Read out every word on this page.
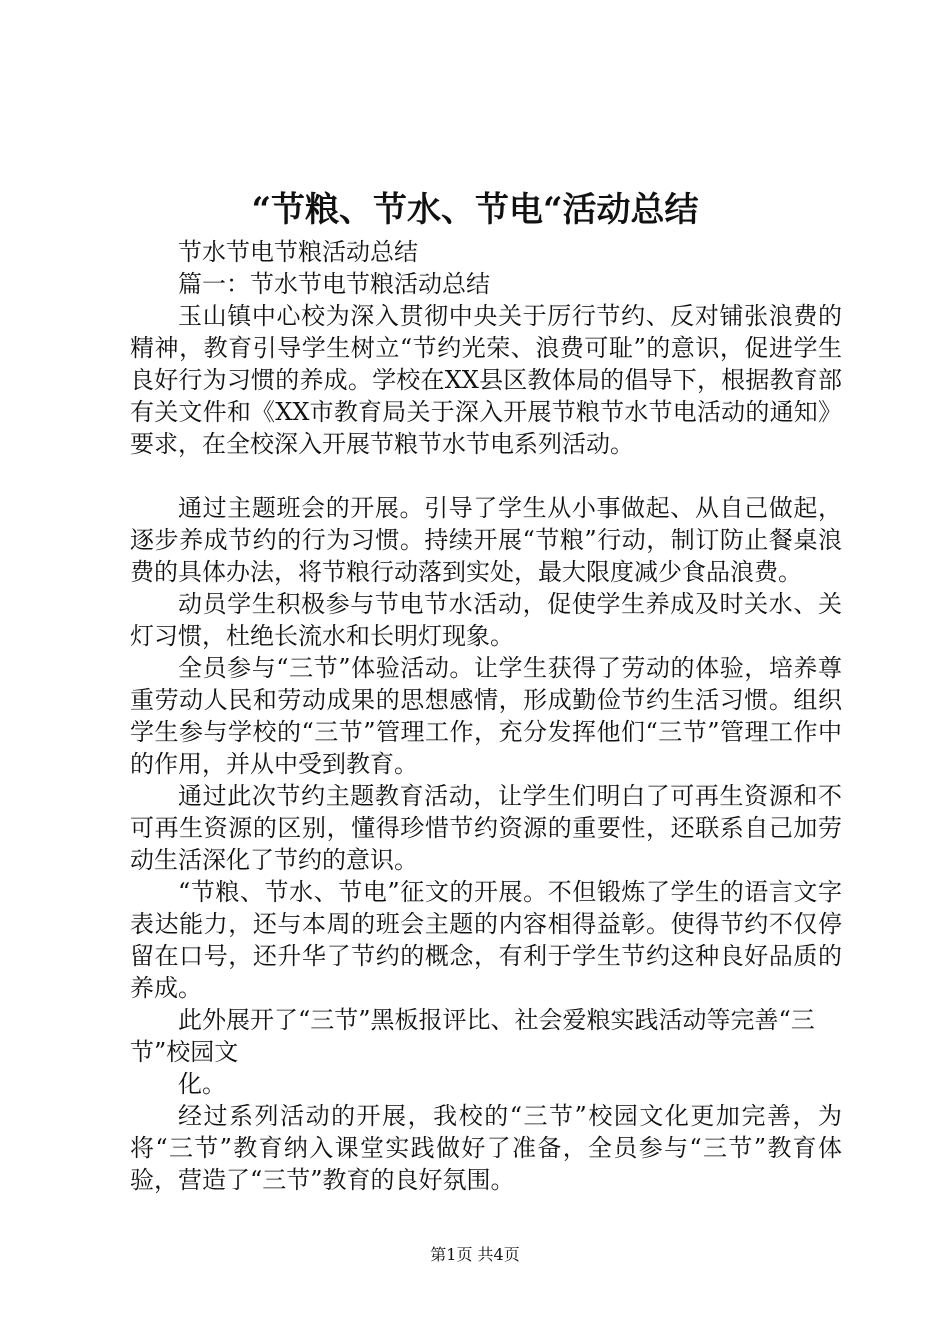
“节粮、节水、节电“活动总结

节水节电节粮活动总结

篇一：节水节电节粮活动总结

玉山镇中心校为深入贯彻中央关于厉行节约、反对铺张浪费的精神，教育引导学生树立“节约光荣、浪费可耻”的意识，促进学生良好行为习惯的养成。学校在XX县区教体局的倡导下，根据教育部有关文件和《XX市教育局关于深入开展节粮节水节电活动的通知》要求，在全校深入开展节粮节水节电系列活动。

通过主题班会的开展。引导了学生从小事做起、从自己做起，逐步养成节约的行为习惯。持续开展“节粮”行动，制订防止餐桌浪费的具体办法，将节粮行动落到实处，最大限度减少食品浪费。

动员学生积极参与节电节水活动，促使学生养成及时关水、关灯习惯，杜绝长流水和长明灯现象。

全员参与“三节”体验活动。让学生获得了劳动的体验，培养尊重劳动人民和劳动成果的思想感情，形成勤俭节约生活习惯。组织学生参与学校的“三节”管理工作，充分发挥他们“三节”管理工作中的作用，并从中受到教育。

通过此次节约主题教育活动，让学生们明白了可再生资源和不可再生资源的区别，懂得珍惜节约资源的重要性，还联系自己加劳动生活深化了节约的意识。

“节粮、节水、节电”征文的开展。不但锻炼了学生的语言文字表达能力，还与本周的班会主题的内容相得益彰。使得节约不仅停留在口号，还升华了节约的概念，有利于学生节约这种良好品质的养成。

此外展开了“三节”黑板报评比、社会爱粮实践活动等完善“三节”校园文

化。

经过系列活动的开展，我校的“三节”校园文化更加完善，为将“三节”教育纳入课堂实践做好了准备，全员参与“三节”教育体验，营造了“三节”教育的良好氛围。

第1页 共4页
